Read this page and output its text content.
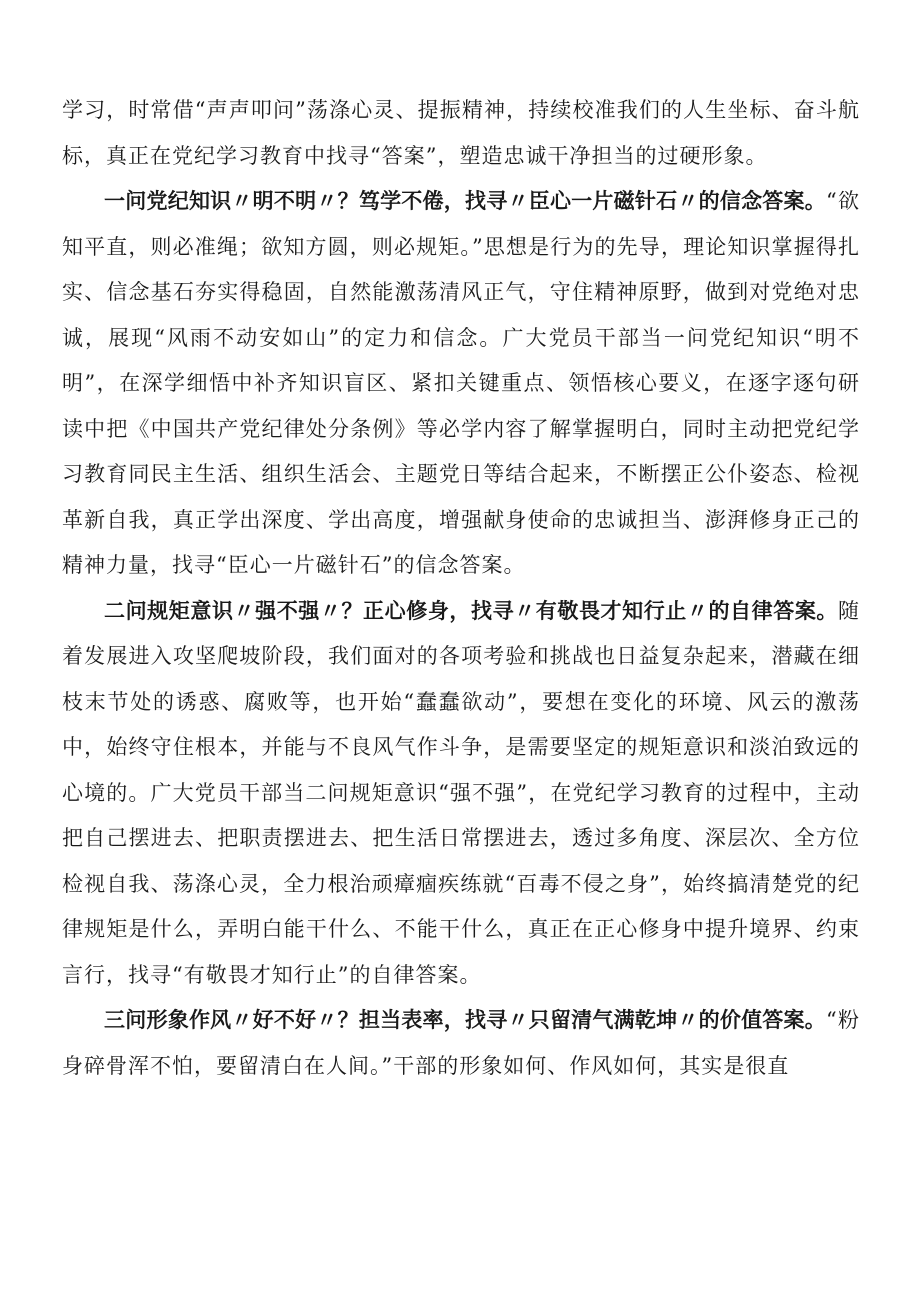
学习，时常借“声声叩问”荡涤心灵、提振精神，持续校准我们的人生坐标、奋斗航标，真正在党纪学习教育中找寻“答案”，塑造忠诚干净担当的过硬形象。

一问党纪知识〃明不明〃？笃学不倦，找寻〃臣心一片磁针石〃的信念答案。“欲知平直，则必准绳；欲知方圆，则必规矩。”思想是行为的先导，理论知识掌握得扎实、信念基石夯实得稳固，自然能激荡清风正气，守住精神原野，做到对党绝对忠诚，展现“风雨不动安如山”的定力和信念。广大党员干部当一问党纪知识“明不明”，在深学细悟中补齐知识盲区、紧扣关键重点、领悟核心要义，在逐字逐句研读中把《中国共产党纪律处分条例》等必学内容了解掌握明白，同时主动把党纪学习教育同民主生活、组织生活会、主题党日等结合起来，不断摆正公仆姿态、检视革新自我，真正学出深度、学出高度，增强献身使命的忠诚担当、澎湃修身正己的精神力量，找寻“臣心一片磁针石”的信念答案。

二问规矩意识〃强不强〃？正心修身，找寻〃有敬畏才知行止〃的自律答案。随着发展进入攻坚爬坡阶段，我们面对的各项考验和挑战也日益复杂起来，潜藏在细枝末节处的诱惑、腐败等，也开始“蠢蠢欲动”，要想在变化的环境、风云的激荡中，始终守住根本，并能与不良风气作斗争，是需要坚定的规矩意识和淡泊致远的心境的。广大党员干部当二问规矩意识“强不强”，在党纪学习教育的过程中，主动把自己摆进去、把职责摆进去、把生活日常摆进去，透过多角度、深层次、全方位检视自我、荡涤心灵，全力根治顽瘴痼疾练就“百毒不侵之身”，始终搞清楚党的纪律规矩是什么，弄明白能干什么、不能干什么，真正在正心修身中提升境界、约束言行，找寻“有敬畏才知行止”的自律答案。

三问形象作风〃好不好〃？担当表率，找寻〃只留清气满乾坤〃的价值答案。“粉身碎骨浑不怕，要留清白在人间。”干部的形象如何、作风如何，其实是很直
